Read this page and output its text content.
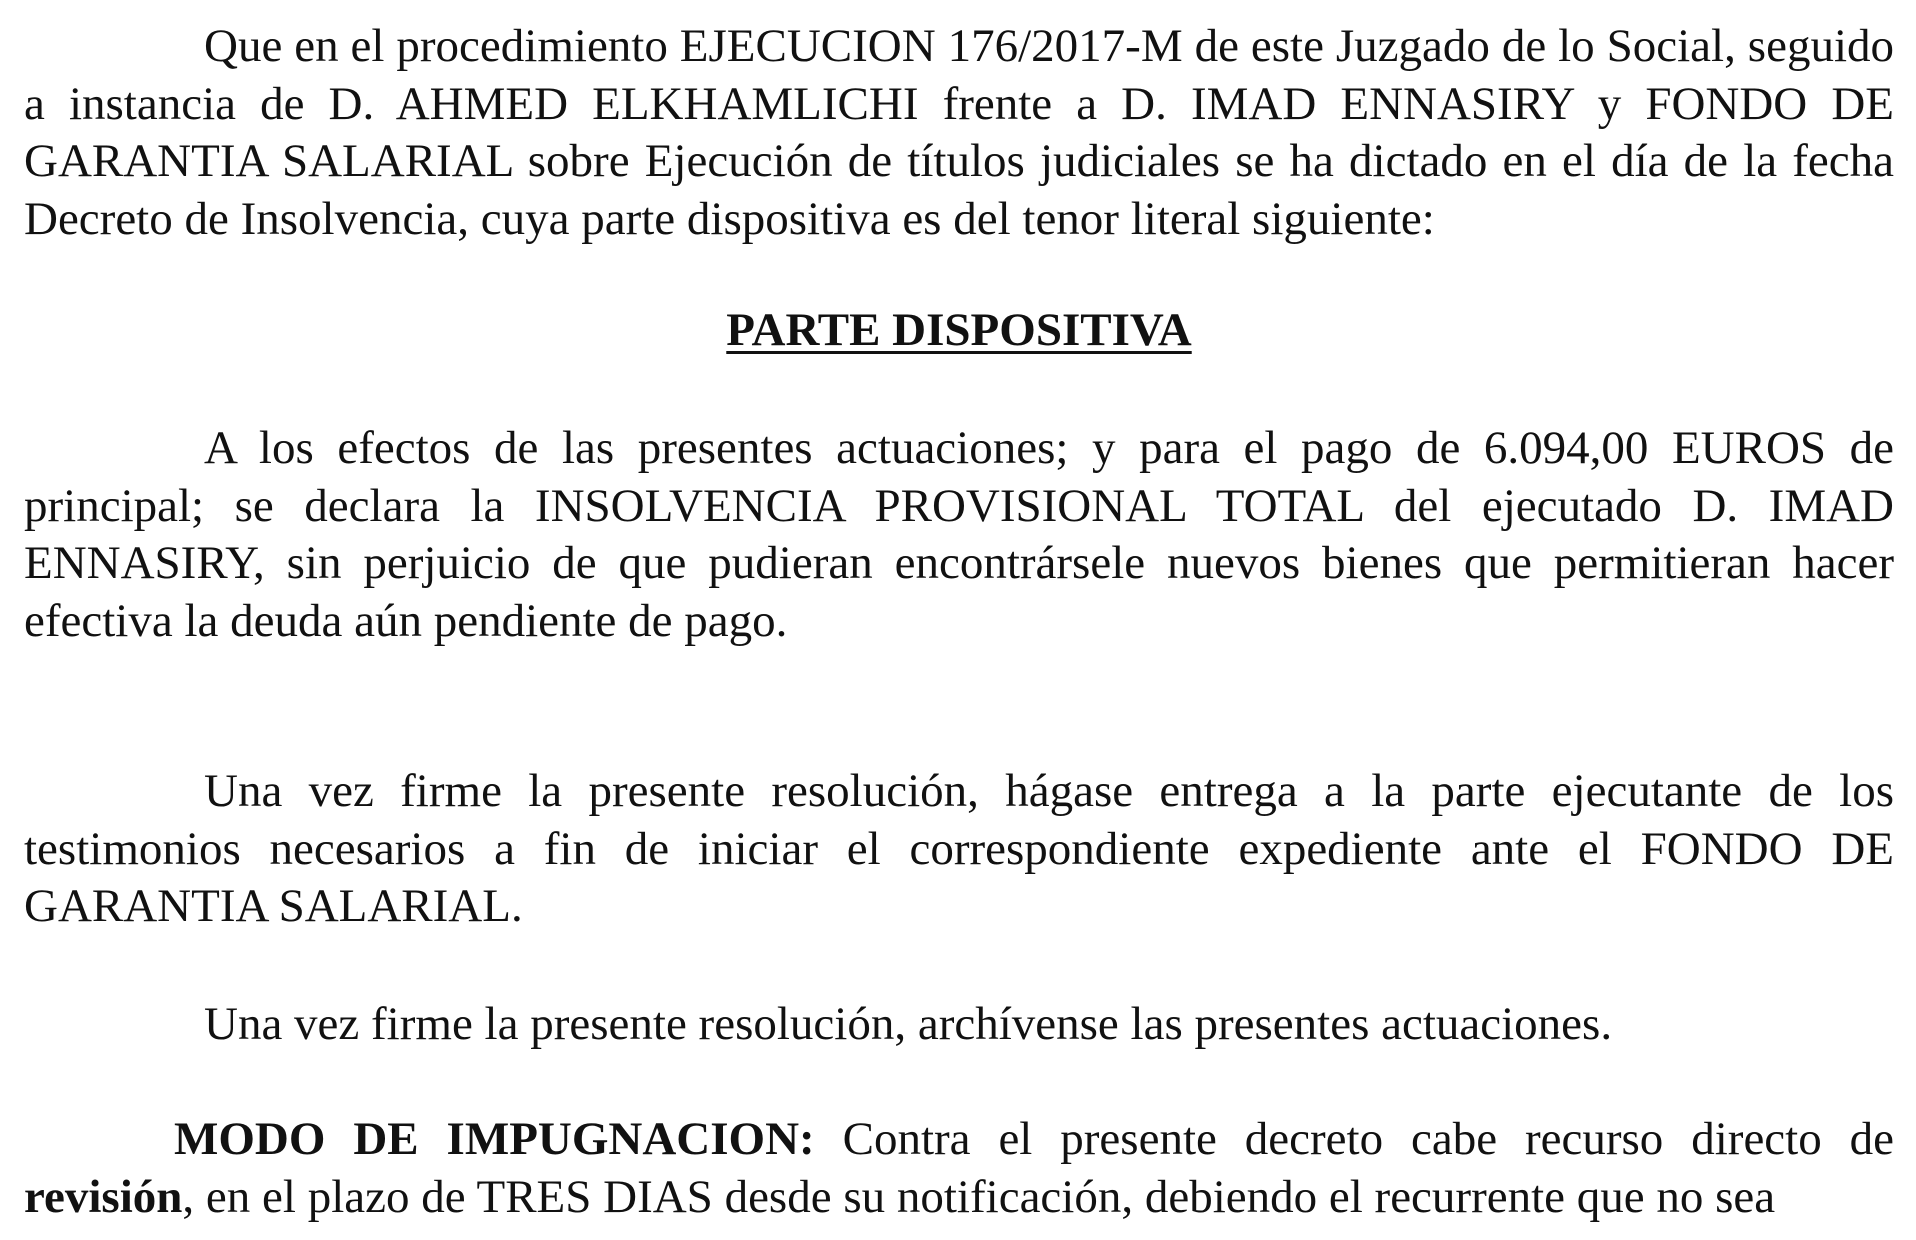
Que en el procedimiento EJECUCION 176/2017-M de este Juzgado de lo Social, seguido a instancia de D. AHMED ELKHAMLICHI frente a D. IMAD ENNASIRY y FONDO DE GARANTIA SALARIAL sobre Ejecución de títulos judiciales se ha dictado en el día de la fecha Decreto de Insolvencia, cuya parte dispositiva es del tenor literal siguiente:

PARTE DISPOSITIVA

A los efectos de las presentes actuaciones; y para el pago de 6.094,00 EUROS de principal; se declara la INSOLVENCIA PROVISIONAL TOTAL del ejecutado D. IMAD ENNASIRY, sin perjuicio de que pudieran encontrársele nuevos bienes que permitieran hacer efectiva la deuda aún pendiente de pago.

Una vez firme la presente resolución, hágase entrega a la parte ejecutante de los testimonios necesarios a fin de iniciar el correspondiente expediente ante el FONDO DE GARANTIA SALARIAL.

Una vez firme la presente resolución, archívense las presentes actuaciones.

MODO DE IMPUGNACION: Contra el presente decreto cabe recurso directo de revisión, en el plazo de TRES DIAS desde su notificación, debiendo el recurrente que no sea
